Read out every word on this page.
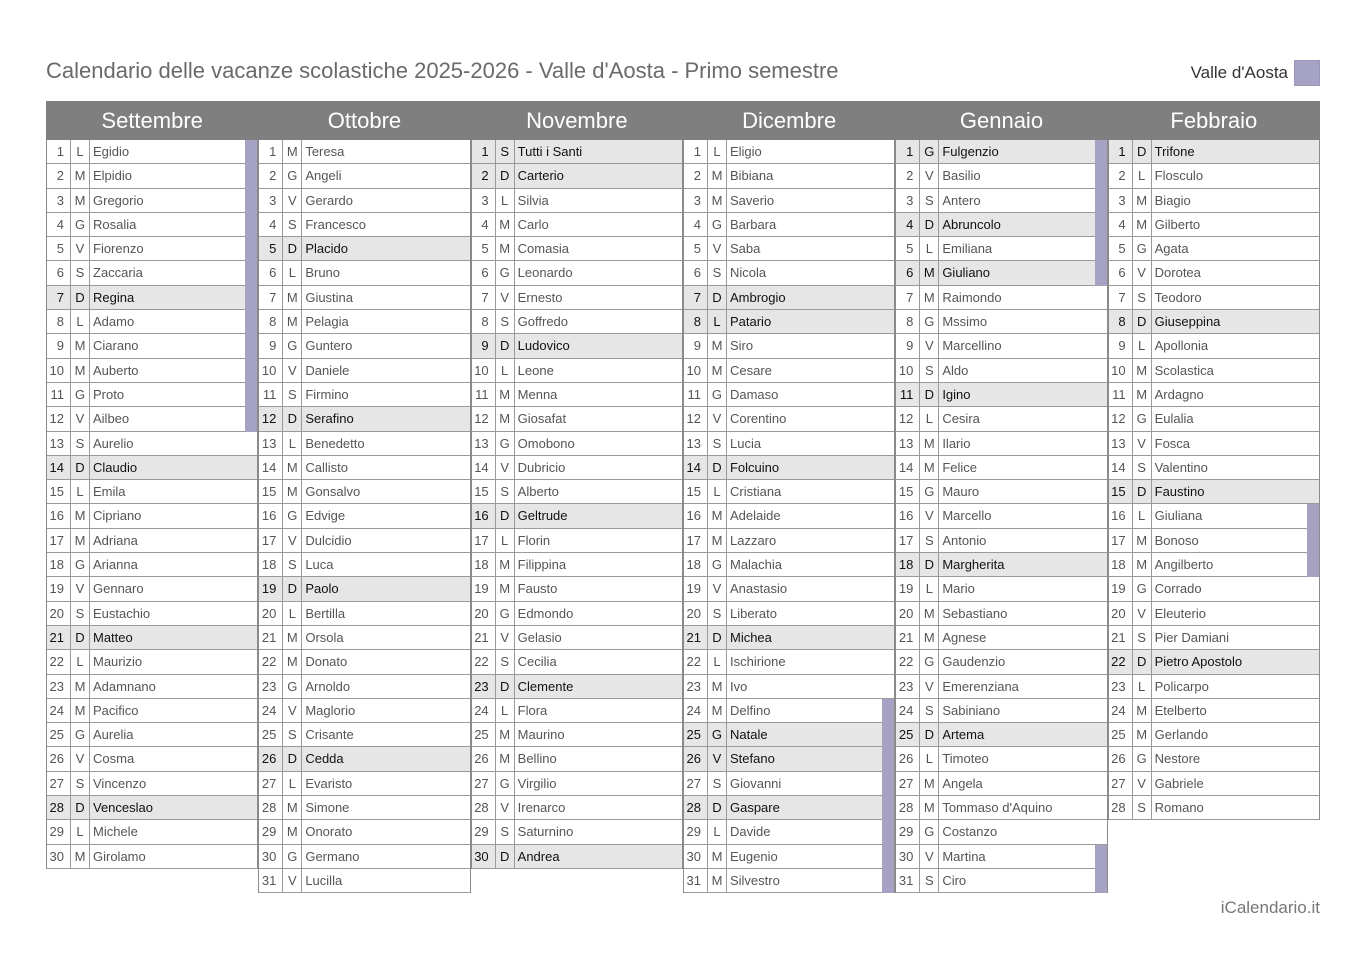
Calendario delle vacanze scolastiche 2025-2026 - Valle d'Aosta - Primo semestre	Valle d'Aosta
Settembre
1 L Egidio
2 M Elpidio
3 M Gregorio
4 G Rosalia
5 V Fiorenzo
6 S Zaccaria
7 D Regina
8 L Adamo
9 M Ciarano
10 M Auberto
11 G Proto
12 V Ailbeo
13 S Aurelio
14 D Claudio
15 L Emila
16 M Cipriano
17 M Adriana
18 G Arianna
19 V Gennaro
20 S Eustachio
21 D Matteo
22 L Maurizio
23 M Adamnano
24 M Pacifico
25 G Aurelia
26 V Cosma
27 S Vincenzo
28 D Venceslao
29 L Michele
30 M Girolamo
Ottobre
1 M Teresa
2 G Angeli
3 V Gerardo
4 S Francesco
5 D Placido
6 L Bruno
7 M Giustina
8 M Pelagia
9 G Guntero
10 V Daniele
11 S Firmino
12 D Serafino
13 L Benedetto
14 M Callisto
15 M Gonsalvo
16 G Edvige
17 V Dulcidio
18 S Luca
19 D Paolo
20 L Bertilla
21 M Orsola
22 M Donato
23 G Arnoldo
24 V Maglorio
25 S Crisante
26 D Cedda
27 L Evaristo
28 M Simone
29 M Onorato
30 G Germano
31 V Lucilla
Novembre
1 S Tutti i Santi
2 D Carterio
3 L Silvia
4 M Carlo
5 M Comasia
6 G Leonardo
7 V Ernesto
8 S Goffredo
9 D Ludovico
10 L Leone
11 M Menna
12 M Giosafat
13 G Omobono
14 V Dubricio
15 S Alberto
16 D Geltrude
17 L Florin
18 M Filippina
19 M Fausto
20 G Edmondo
21 V Gelasio
22 S Cecilia
23 D Clemente
24 L Flora
25 M Maurino
26 M Bellino
27 G Virgilio
28 V Irenarco
29 S Saturnino
30 D Andrea
Dicembre
1 L Eligio
2 M Bibiana
3 M Saverio
4 G Barbara
5 V Saba
6 S Nicola
7 D Ambrogio
8 L Patario
9 M Siro
10 M Cesare
11 G Damaso
12 V Corentino
13 S Lucia
14 D Folcuino
15 L Cristiana
16 M Adelaide
17 M Lazzaro
18 G Malachia
19 V Anastasio
20 S Liberato
21 D Michea
22 L Ischirione
23 M Ivo
24 M Delfino
25 G Natale
26 V Stefano
27 S Giovanni
28 D Gaspare
29 L Davide
30 M Eugenio
31 M Silvestro
Gennaio
1 G Fulgenzio
2 V Basilio
3 S Antero
4 D Abruncolo
5 L Emiliana
6 M Giuliano
7 M Raimondo
8 G Mssimo
9 V Marcellino
10 S Aldo
11 D Igino
12 L Cesira
13 M Ilario
14 M Felice
15 G Mauro
16 V Marcello
17 S Antonio
18 D Margherita
19 L Mario
20 M Sebastiano
21 M Agnese
22 G Gaudenzio
23 V Emerenziana
24 S Sabiniano
25 D Artema
26 L Timoteo
27 M Angela
28 M Tommaso d'Aquino
29 G Costanzo
30 V Martina
31 S Ciro
Febbraio
1 D Trifone
2 L Flosculo
3 M Biagio
4 M Gilberto
5 G Agata
6 V Dorotea
7 S Teodoro
8 D Giuseppina
9 L Apollonia
10 M Scolastica
11 M Ardagno
12 G Eulalia
13 V Fosca
14 S Valentino
15 D Faustino
16 L Giuliana
17 M Bonoso
18 M Angilberto
19 G Corrado
20 V Eleuterio
21 S Pier Damiani
22 D Pietro Apostolo
23 L Policarpo
24 M Etelberto
25 M Gerlando
26 G Nestore
27 V Gabriele
28 S Romano
iCalendario.it
